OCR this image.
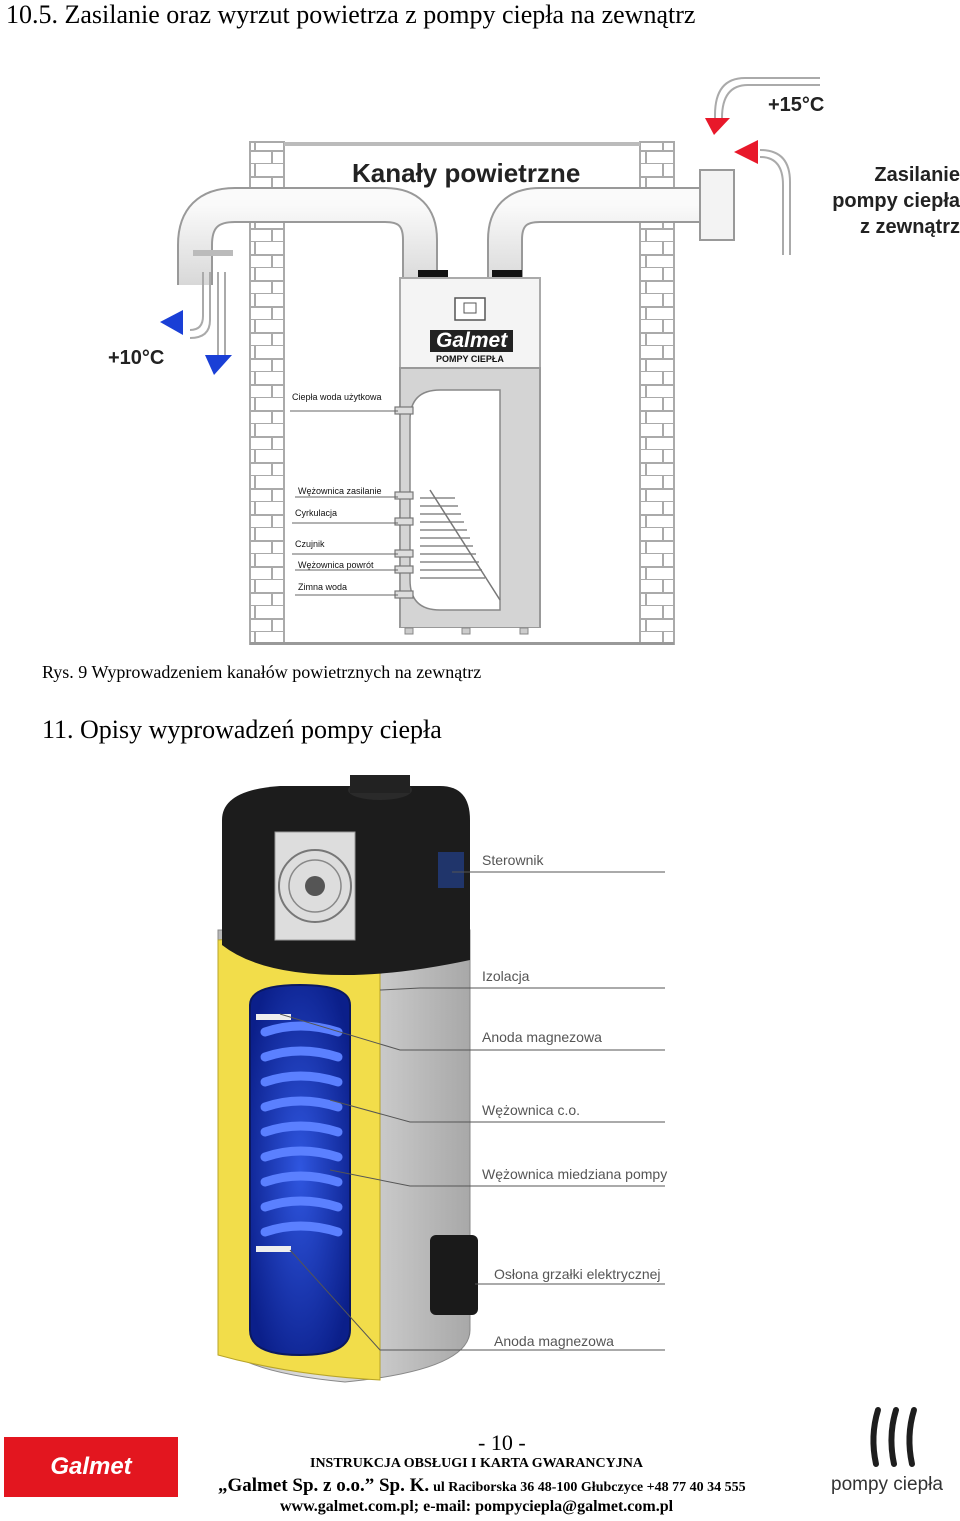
10.5. Zasilanie oraz wyrzut powietrza z pompy ciepła na zewnątrz
+15°C
Kanały powietrzne	Zasilanie
pompy ciepła
z zewnątrz
+10°C
Galmet
POMPY CIEPŁA
Ciepła woda użytkowa
Wężownica zasilanie
Cyrkulacja
Czujnik
Wężownica powrót
Zimna woda
Rys. 9 Wyprowadzeniem kanałów powietrznych na zewnątrz
11. Opisy wyprowadzeń pompy ciepła
Sterownik
Izolacja
Anoda magnezowa
Wężownica c.o.
Wężownica miedziana pompy
Osłona grzałki elektrycznej
Anoda magnezowa
Galmet
- 10 -
INSTRUKCJA OBSŁUGI I KARTA GWARANCYJNA
„Galmet Sp. z o.o.” Sp. K. ul Raciborska 36 48-100 Głubczyce +48 77 40 34 555
www.galmet.com.pl; e-mail: pompyciepla@galmet.com.pl
pompy ciepła
